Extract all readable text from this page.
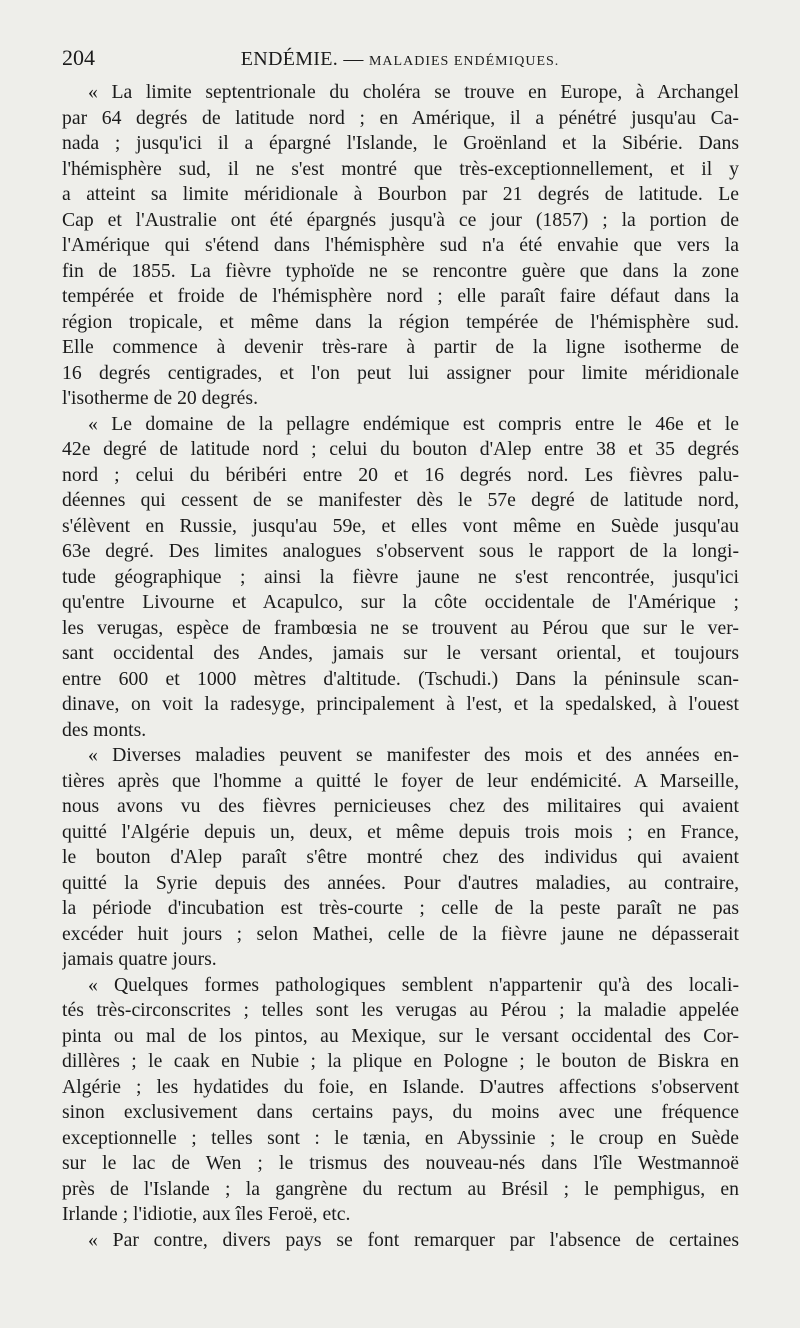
204	ENDÉMIE. — MALADIES ENDÉMIQUES.
« La limite septentrionale du choléra se trouve en Europe, à Archangel
par 64 degrés de latitude nord ; en Amérique, il a pénétré jusqu'au Ca-
nada ; jusqu'ici il a épargné l'Islande, le Groënland et la Sibérie. Dans
l'hémisphère sud, il ne s'est montré que très-exceptionnellement, et il y
a atteint sa limite méridionale à Bourbon par 21 degrés de latitude. Le
Cap et l'Australie ont été épargnés jusqu'à ce jour (1857) ; la portion de
l'Amérique qui s'étend dans l'hémisphère sud n'a été envahie que vers la
fin de 1855. La fièvre typhoïde ne se rencontre guère que dans la zone
tempérée et froide de l'hémisphère nord ; elle paraît faire défaut dans la
région tropicale, et même dans la région tempérée de l'hémisphère sud.
Elle commence à devenir très-rare à partir de la ligne isotherme de
16 degrés centigrades, et l'on peut lui assigner pour limite méridionale
l'isotherme de 20 degrés.
« Le domaine de la pellagre endémique est compris entre le 46e et le
42e degré de latitude nord ; celui du bouton d'Alep entre 38 et 35 degrés
nord ; celui du béribéri entre 20 et 16 degrés nord. Les fièvres palu-
déennes qui cessent de se manifester dès le 57e degré de latitude nord,
s'élèvent en Russie, jusqu'au 59e, et elles vont même en Suède jusqu'au
63e degré. Des limites analogues s'observent sous le rapport de la longi-
tude géographique ; ainsi la fièvre jaune ne s'est rencontrée, jusqu'ici
qu'entre Livourne et Acapulco, sur la côte occidentale de l'Amérique ;
les verugas, espèce de frambœsia ne se trouvent au Pérou que sur le ver-
sant occidental des Andes, jamais sur le versant oriental, et toujours
entre 600 et 1000 mètres d'altitude. (Tschudi.) Dans la péninsule scan-
dinave, on voit la radesyge, principalement à l'est, et la spedalsked, à l'ouest
des monts.
« Diverses maladies peuvent se manifester des mois et des années en-
tières après que l'homme a quitté le foyer de leur endémicité. A Marseille,
nous avons vu des fièvres pernicieuses chez des militaires qui avaient
quitté l'Algérie depuis un, deux, et même depuis trois mois ; en France,
le bouton d'Alep paraît s'être montré chez des individus qui avaient
quitté la Syrie depuis des années. Pour d'autres maladies, au contraire,
la période d'incubation est très-courte ; celle de la peste paraît ne pas
excéder huit jours ; selon Mathei, celle de la fièvre jaune ne dépasserait
jamais quatre jours.
« Quelques formes pathologiques semblent n'appartenir qu'à des locali-
tés très-circonscrites ; telles sont les verugas au Pérou ; la maladie appelée
pinta ou mal de los pintos, au Mexique, sur le versant occidental des Cor-
dillères ; le caak en Nubie ; la plique en Pologne ; le bouton de Biskra en
Algérie ; les hydatides du foie, en Islande. D'autres affections s'observent
sinon exclusivement dans certains pays, du moins avec une fréquence
exceptionnelle ; telles sont : le tænia, en Abyssinie ; le croup en Suède
sur le lac de Wen ; le trismus des nouveau-nés dans l'île Westmannoë
près de l'Islande ; la gangrène du rectum au Brésil ; le pemphigus, en
Irlande ; l'idiotie, aux îles Feroë, etc.
« Par contre, divers pays se font remarquer par l'absence de certaines
